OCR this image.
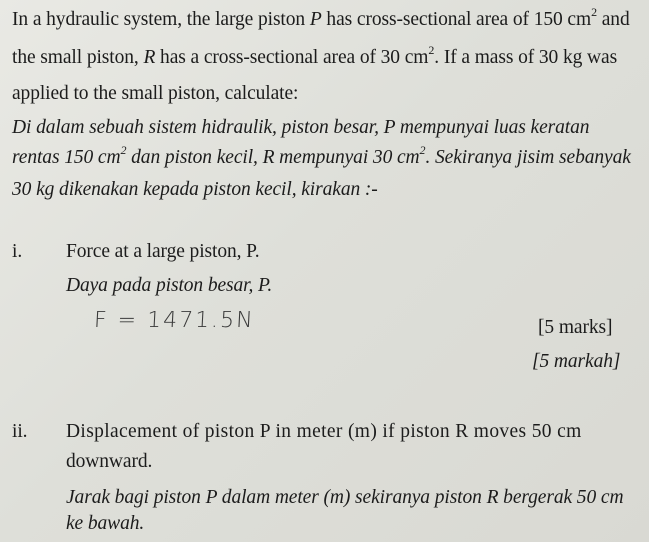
In a hydraulic system, the large piston P has cross-sectional area of 150 $cm^2$ and
the small piston, R has a cross-sectional area of 30 $cm^2$. If a mass of 30 kg was
applied to the small piston, calculate:
Di dalam sebuah sistem hidraulik, piston besar, P mempunyai luas keratan
rentas 150 $cm^2$ dan piston kecil, R mempunyai 30 $cm^2$. Sekiranya jisim sebanyak
30 kg dikenakan kepada piston kecil, kirakan :-
i. Force at a large piston, P.
Daya pada piston besar, P.
F = 1471.5N	[5 marks]
[5 markah]
ii. Displacement of piston P in meter (m) if piston R moves 50 cm
downward.
Jarak bagi piston P dalam meter (m) sekiranya piston R bergerak 50 cm
ke bawah.
